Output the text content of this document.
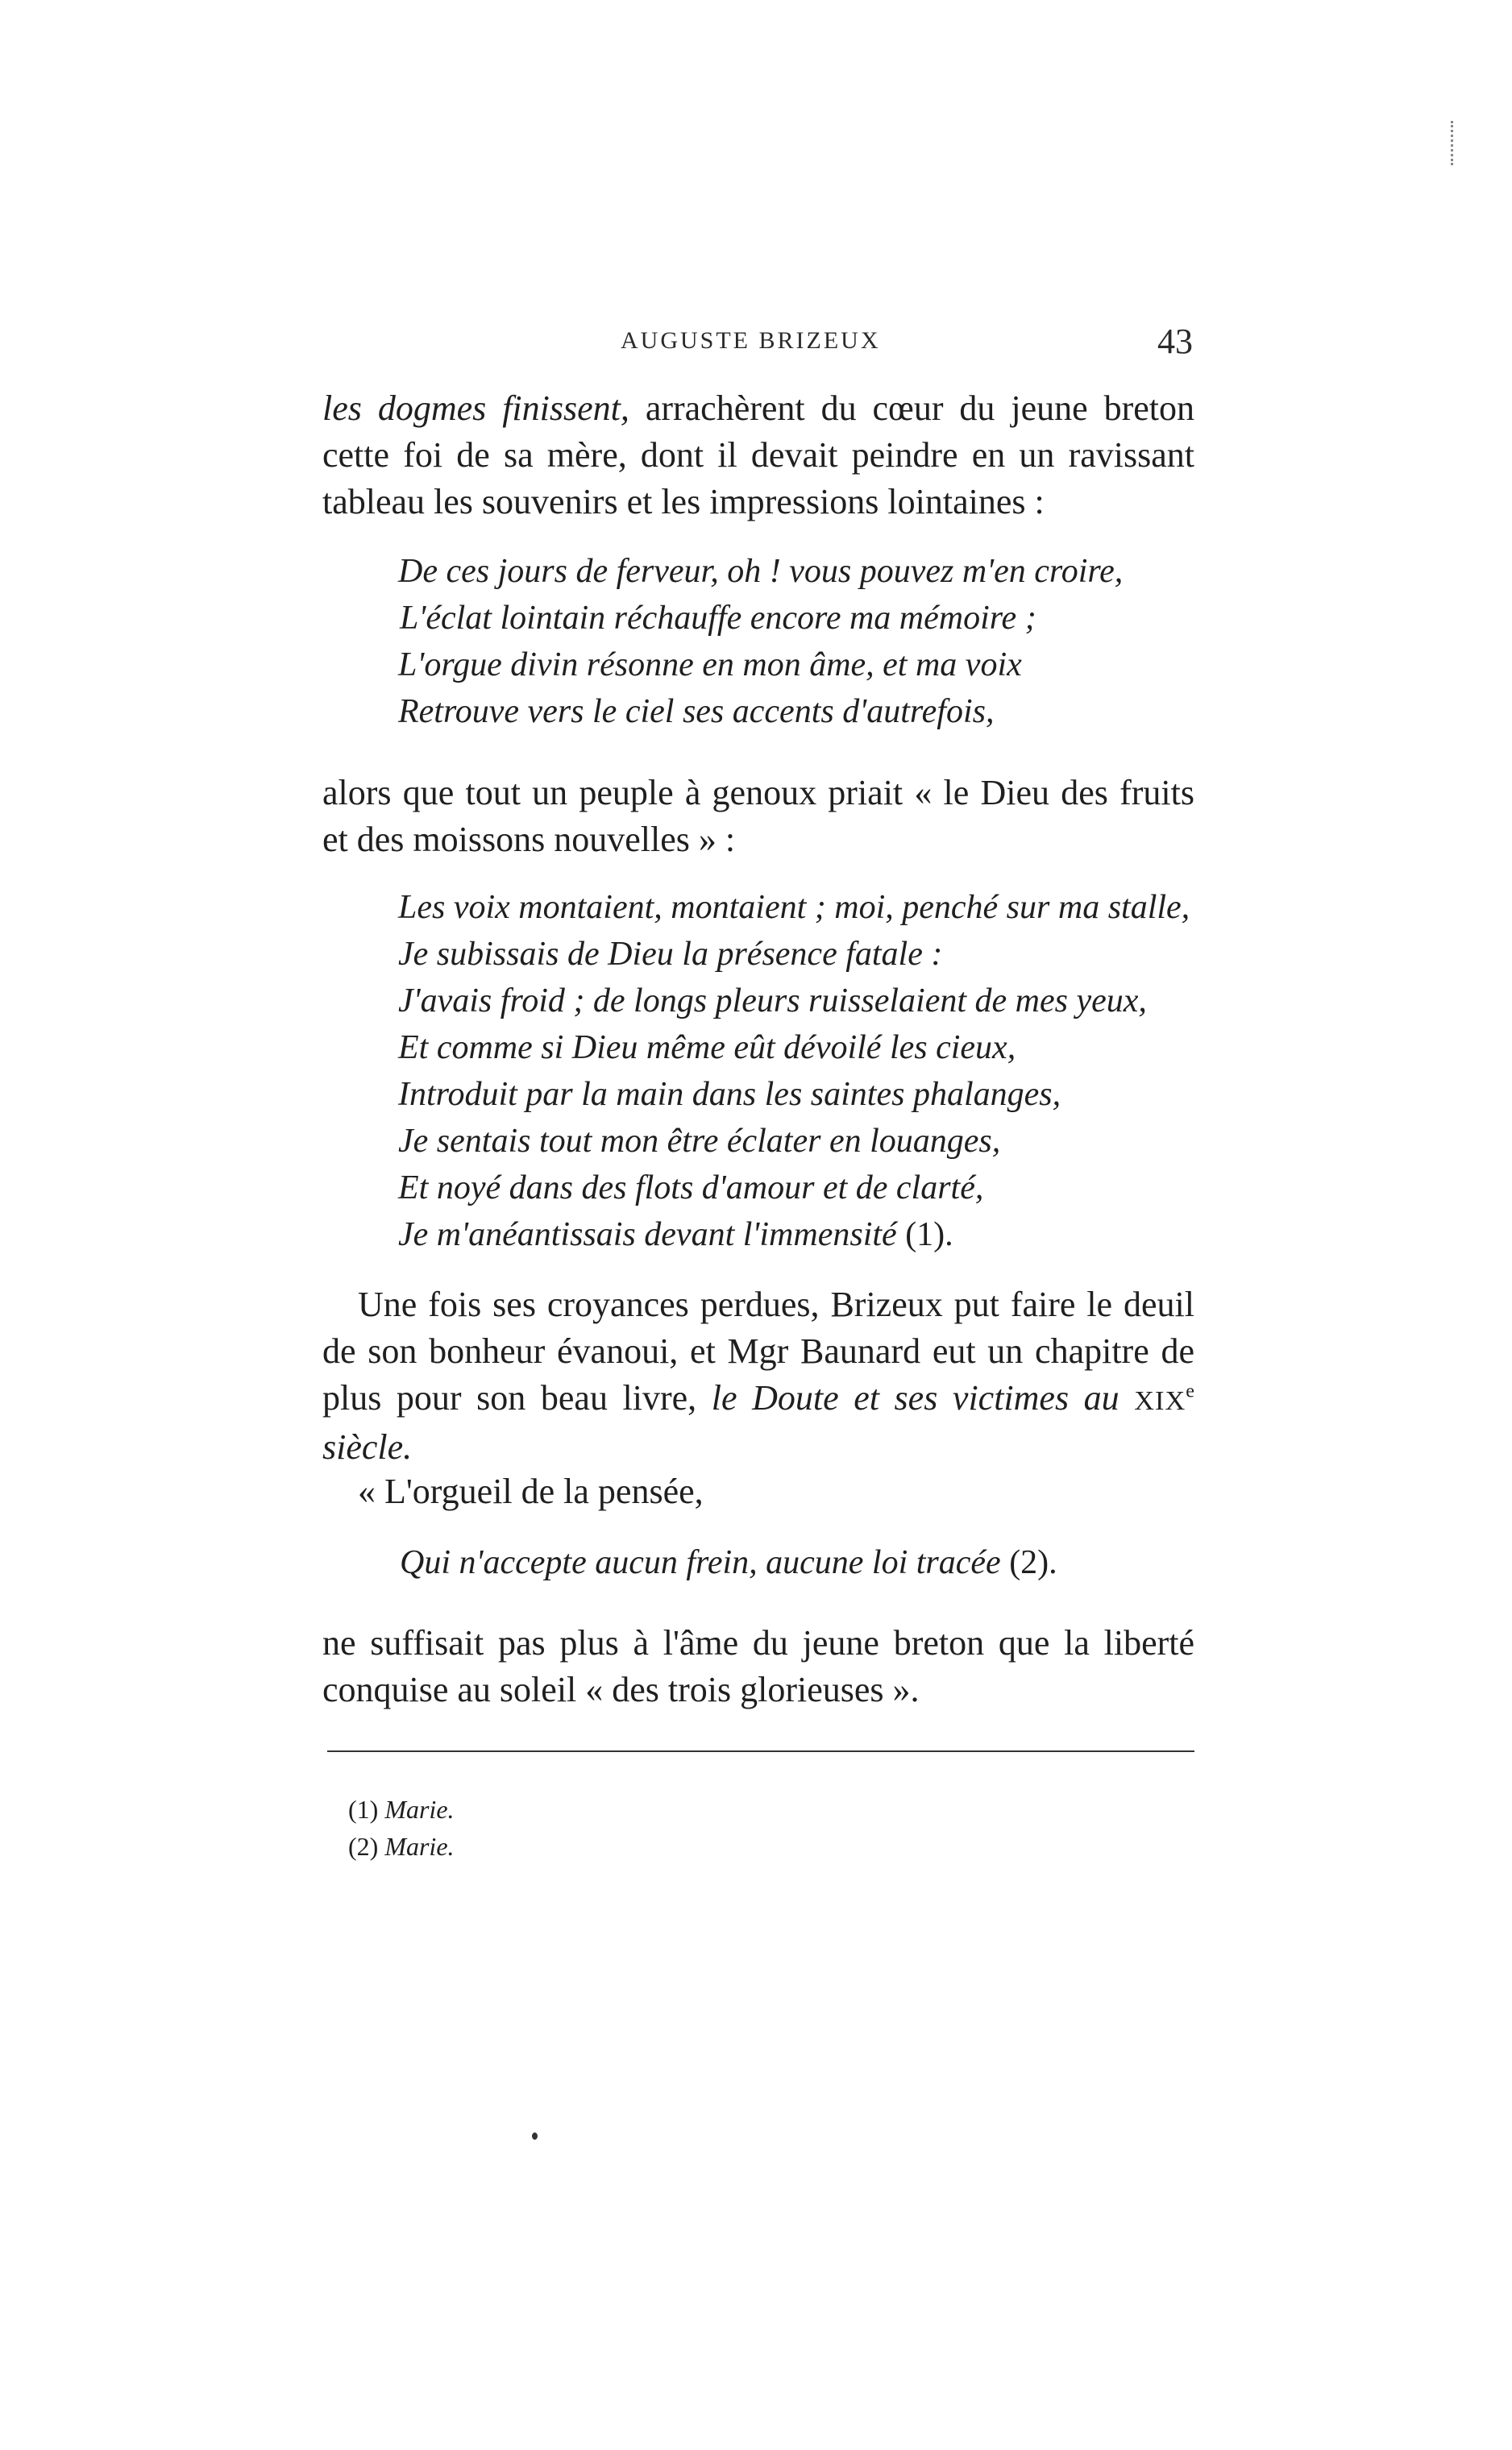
AUGUSTE BRIZEUX	43

les dogmes finissent, arrachèrent du cœur du jeune breton cette foi de sa mère, dont il devait peindre en un ravissant tableau les souvenirs et les impressions lointaines :

De ces jours de ferveur, oh ! vous pouvez m'en croire,
L'éclat lointain réchauffe encore ma mémoire ;
L'orgue divin résonne en mon âme, et ma voix
Retrouve vers le ciel ses accents d'autrefois,

alors que tout un peuple à genoux priait « le Dieu des fruits et des moissons nouvelles » :

Les voix montaient, montaient ; moi, penché sur ma stalle,
Je subissais de Dieu la présence fatale :
J'avais froid ; de longs pleurs ruisselaient de mes yeux,
Et comme si Dieu même eût dévoilé les cieux,
Introduit par la main dans les saintes phalanges,
Je sentais tout mon être éclater en louanges,
Et noyé dans des flots d'amour et de clarté,
Je m'anéantissais devant l'immensité (1).

Une fois ses croyances perdues, Brizeux put faire le deuil de son bonheur évanoui, et Mgr Baunard eut un chapitre de plus pour son beau livre, le Doute et ses victimes au XIXe siècle.

« L'orgueil de la pensée,

Qui n'accepte aucun frein, aucune loi tracée (2).

ne suffisait pas plus à l'âme du jeune breton que la liberté conquise au soleil « des trois glorieuses ».

(1) Marie.
(2) Marie.
